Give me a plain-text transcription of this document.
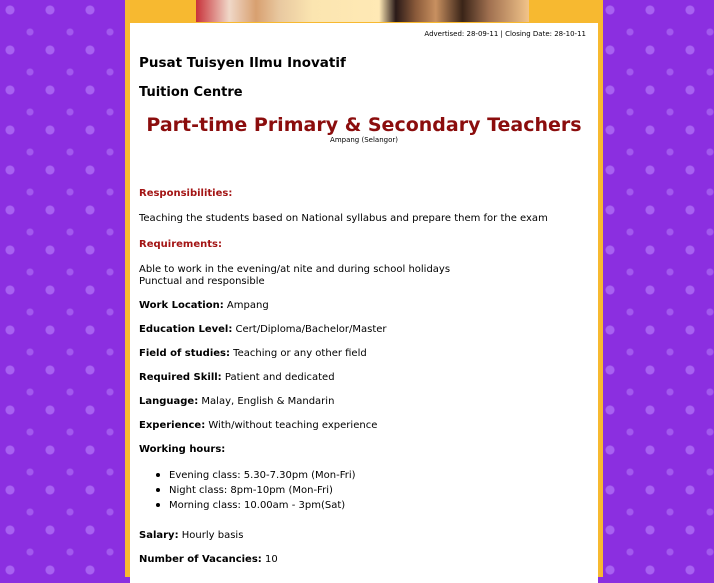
Advertised: 28-09-11 | Closing Date: 28-10-11
Pusat Tuisyen Ilmu Inovatif
Tuition Centre
Part-time Primary & Secondary Teachers
Ampang (Selangor)
Responsibilities:
Teaching the students based on National syllabus and prepare them for the exam
Requirements:
Able to work in the evening/at nite and during school holidays
Punctual and responsible
Work Location: Ampang
Education Level: Cert/Diploma/Bachelor/Master
Field of studies: Teaching or any other field
Required Skill: Patient and dedicated
Language: Malay, English & Mandarin
Experience: With/without teaching experience
Working hours:
Evening class: 5.30-7.30pm (Mon-Fri)
Night class: 8pm-10pm (Mon-Fri)
Morning class: 10.00am - 3pm(Sat)
Salary: Hourly basis
Number of Vacancies: 10
